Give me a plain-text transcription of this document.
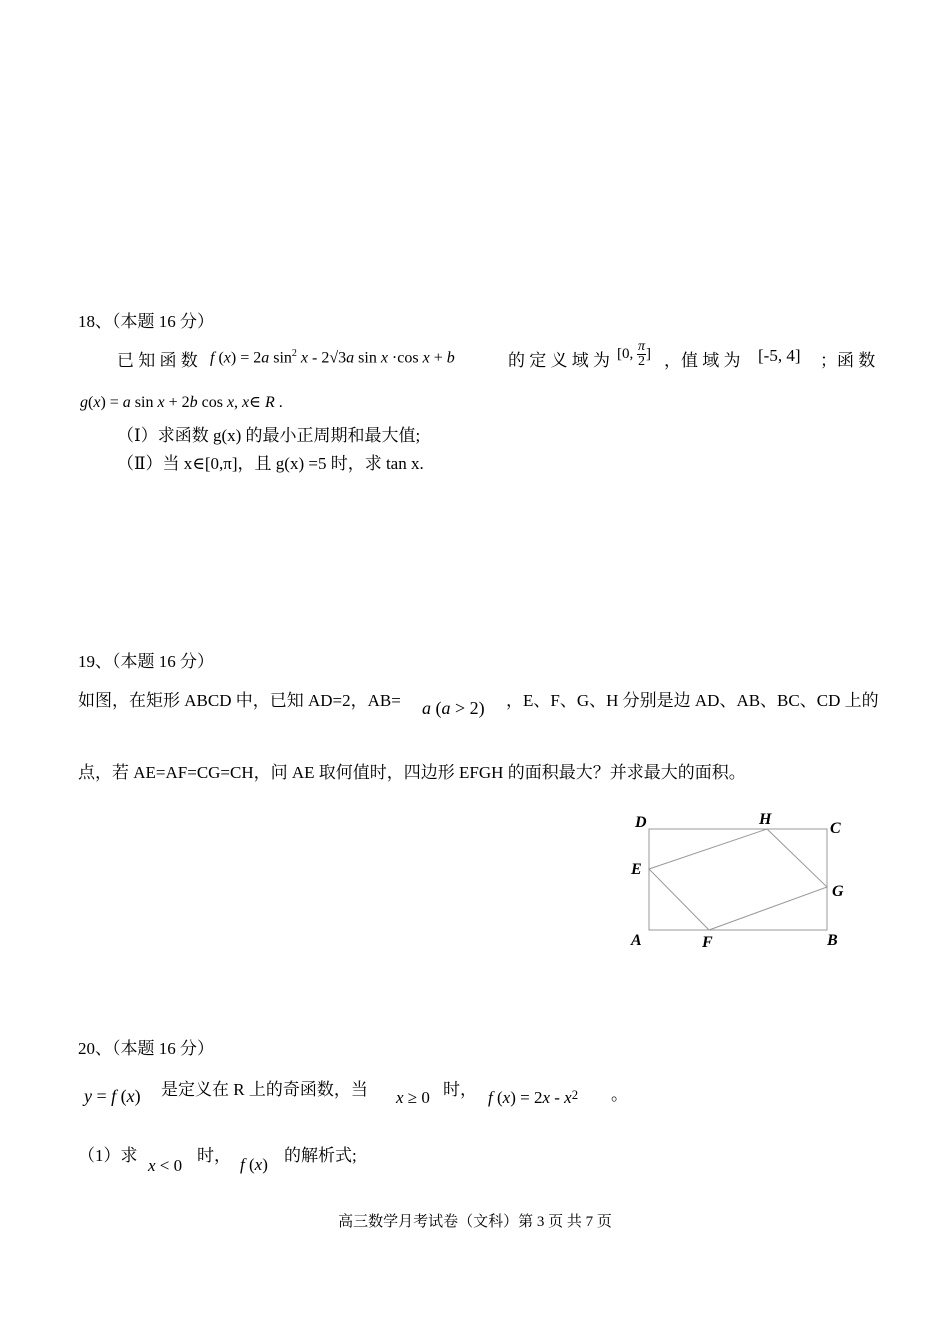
18、（本题 16 分）
已 知 函 数 f (x) = 2a $\sin^2 x - 2√3a$ sin x ·cos x + b	的 定 义 域 为 [0, $\frac{\pi}{2}$ ] ，值 域 为 [-5, 4] ；函 数
g(x) = a sin x + 2b cos x, x∈ R .
（Ⅰ）求函数 g(x) 的最小正周期和最大值;
（Ⅱ）当 x∈[0,π]，且 g(x) =5 时，求 tan x.
19、（本题 16 分）
如图，在矩形 ABCD 中，已知 AD=2，AB= a (a > 2) ，E、F、G、H 分别是边 AD、AB、BC、CD 上的
点，若 AE=AF=CG=CH，问 AE 取何值时，四边形 EFGH 的面积最大？并求最大的面积。
D	H
C
E
G
A	F	B
20、（本题 16 分）
y = f (x) 是定义在 R 上的奇函数，当 x ≥ 0 时， f $(x) = 2x - x^2$ 。
（1）求
x < 0
时， f (x) 的解析式;
高三数学月考试卷（文科）第 3 页 共 7 页
